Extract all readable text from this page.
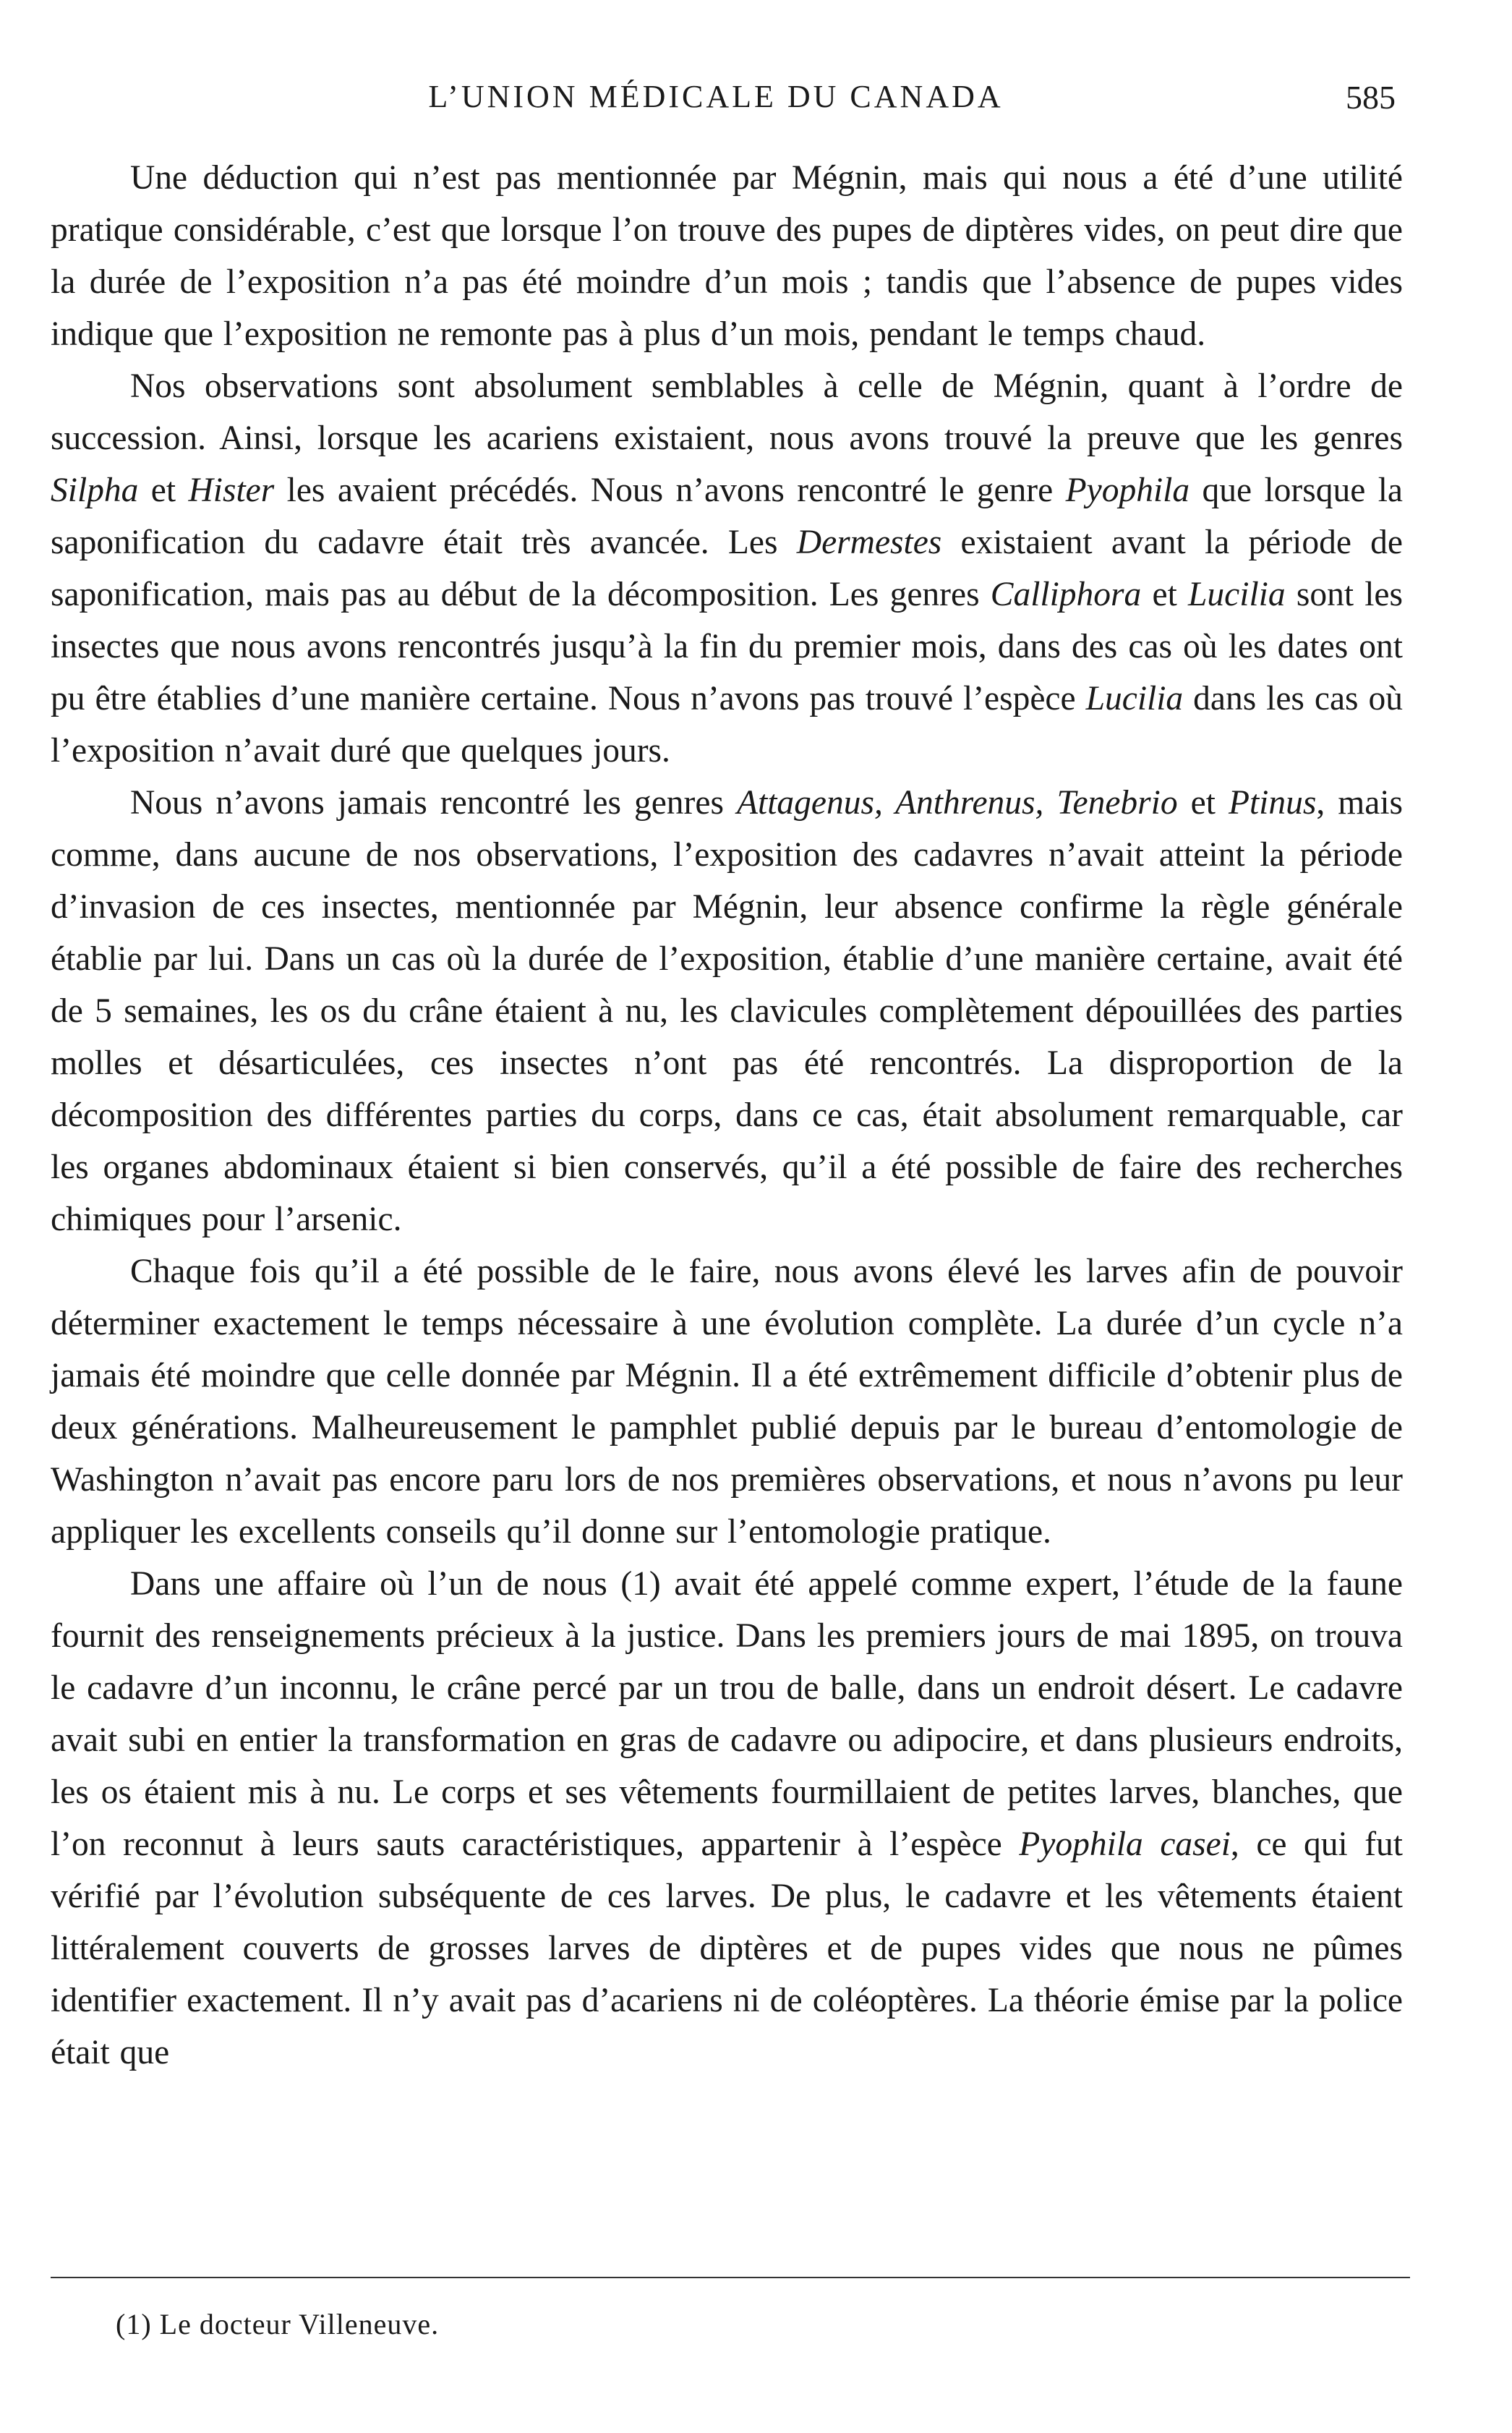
L’UNION MÉDICALE DU CANADA	585

Une déduction qui n’est pas mentionnée par Mégnin, mais qui nous a été d’une utilité pratique considérable, c’est que lorsque l’on trouve des pupes de diptères vides, on peut dire que la durée de l’exposition n’a pas été moindre d’un mois ; tandis que l’absence de pupes vides indique que l’exposition ne remonte pas à plus d’un mois, pendant le temps chaud.

Nos observations sont absolument semblables à celle de Mégnin, quant à l’ordre de succession. Ainsi, lorsque les acariens existaient, nous avons trouvé la preuve que les genres Silpha et Hister les avaient précédés. Nous n’avons rencontré le genre Pyophila que lorsque la saponification du cadavre était très avancée. Les Dermestes existaient avant la période de saponification, mais pas au début de la décomposition. Les genres Calliphora et Lucilia sont les insectes que nous avons rencontrés jusqu’à la fin du premier mois, dans des cas où les dates ont pu être établies d’une manière certaine. Nous n’avons pas trouvé l’espèce Lucilia dans les cas où l’exposition n’avait duré que quelques jours.

Nous n’avons jamais rencontré les genres Attagenus, Anthrenus, Tenebrio et Ptinus, mais comme, dans aucune de nos observations, l’exposition des cadavres n’avait atteint la période d’invasion de ces insectes, mentionnée par Mégnin, leur absence confirme la règle générale établie par lui. Dans un cas où la durée de l’exposition, établie d’une manière certaine, avait été de 5 semaines, les os du crâne étaient à nu, les clavicules complètement dépouillées des parties molles et désarticulées, ces insectes n’ont pas été rencontrés. La disproportion de la décomposition des différentes parties du corps, dans ce cas, était absolument remarquable, car les organes abdominaux étaient si bien conservés, qu’il a été possible de faire des recherches chimiques pour l’arsenic.

Chaque fois qu’il a été possible de le faire, nous avons élevé les larves afin de pouvoir déterminer exactement le temps nécessaire à une évolution complète. La durée d’un cycle n’a jamais été moindre que celle donnée par Mégnin. Il a été extrêmement difficile d’obtenir plus de deux générations. Malheureusement le pamphlet publié depuis par le bureau d’entomologie de Washington n’avait pas encore paru lors de nos premières observations, et nous n’avons pu leur appliquer les excellents conseils qu’il donne sur l’entomologie pratique.

Dans une affaire où l’un de nous (1) avait été appelé comme expert, l’étude de la faune fournit des renseignements précieux à la justice. Dans les premiers jours de mai 1895, on trouva le cadavre d’un inconnu, le crâne percé par un trou de balle, dans un endroit désert. Le cadavre avait subi en entier la transformation en gras de cadavre ou adipocire, et dans plusieurs endroits, les os étaient mis à nu. Le corps et ses vêtements fourmillaient de petites larves, blanches, que l’on reconnut à leurs sauts caractéristiques, appartenir à l’espèce Pyophila casei, ce qui fut vérifié par l’évolution subséquente de ces larves. De plus, le cadavre et les vêtements étaient littéralement couverts de grosses larves de diptères et de pupes vides que nous ne pûmes identifier exactement. Il n’y avait pas d’acariens ni de coléoptères. La théorie émise par la police était que

(1) Le docteur Villeneuve.
